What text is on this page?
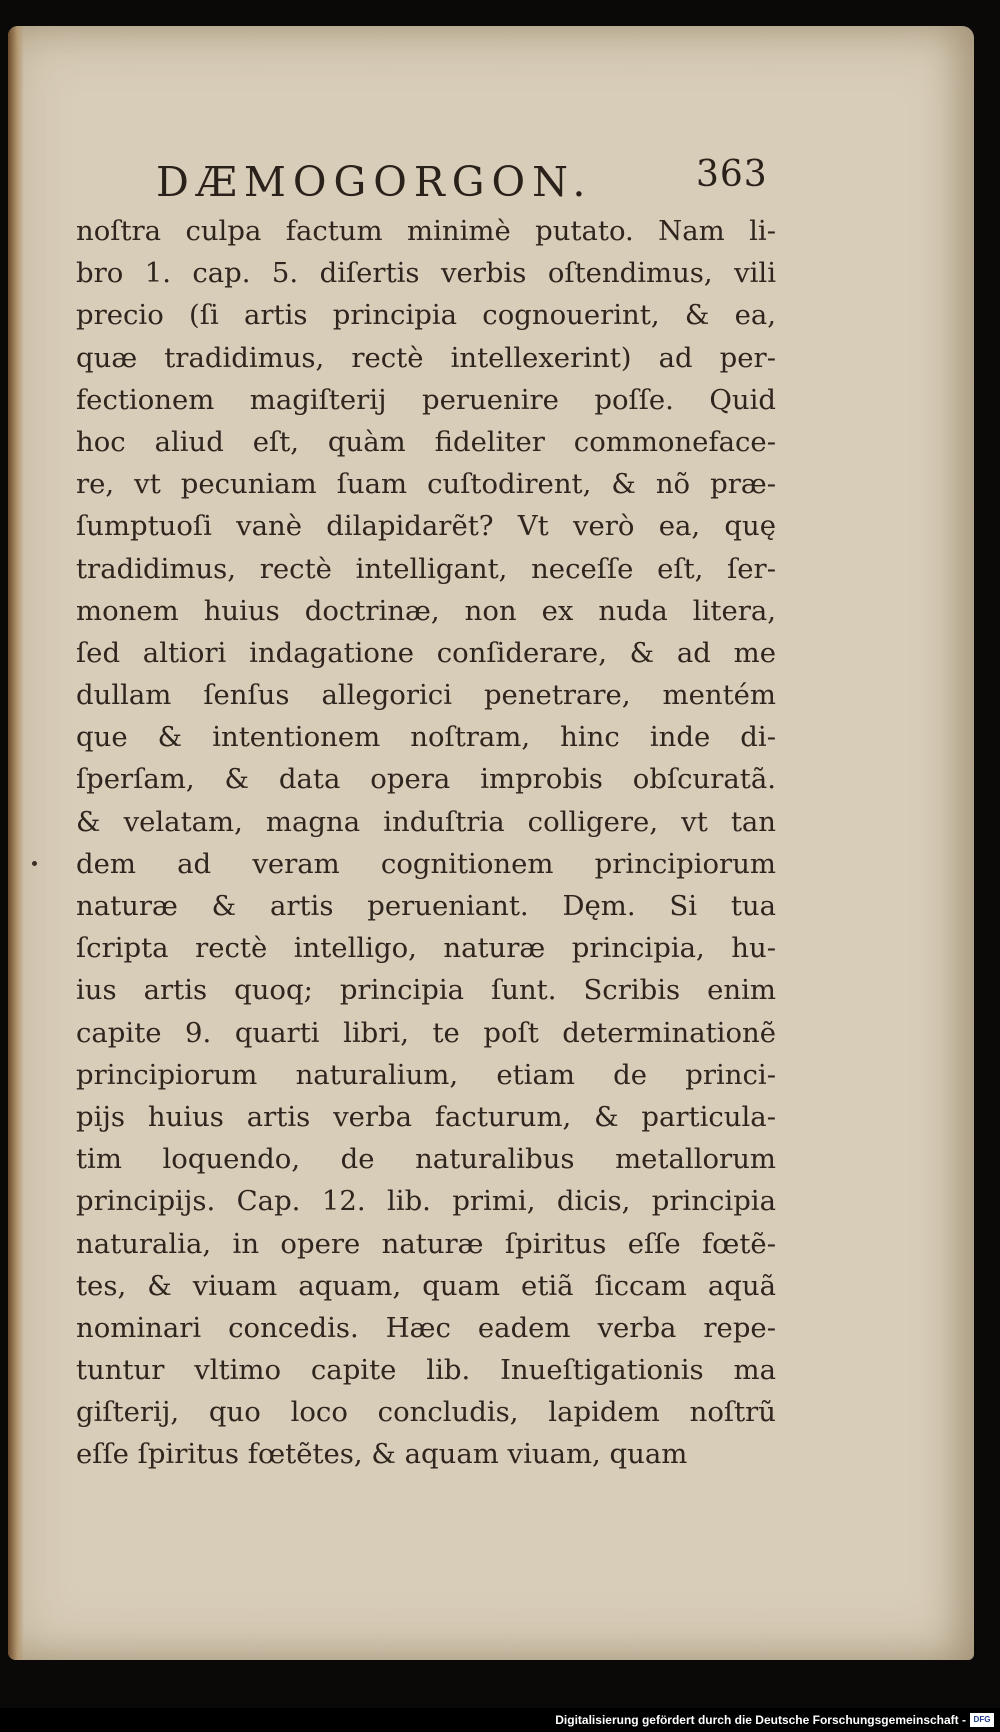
DÆMOGORGON.	363
noſtra culpa factum minimè putato. Nam li-
bro 1. cap. 5. diſertis verbis oſtendimus, vili
precio (ſi artis principia cognouerint, & ea,
quæ tradidimus, rectè intellexerint) ad per-
fectionem magiſterij peruenire poſſe. Quid
hoc aliud eſt, quàm fideliter commoneface-
re, vt pecuniam ſuam cuſtodirent, & nõ præ-
ſumptuoſi vanè dilapidarẽt? Vt verò ea, quę
tradidimus, rectè intelligant, neceſſe eſt, ſer-
monem huius doctrinæ, non ex nuda litera,
ſed altiori indagatione conſiderare, & ad me
dullam ſenſus allegorici penetrare, mentém
que & intentionem noſtram, hinc inde di-
ſperſam, & data opera improbis obſcuratã.
& velatam, magna induſtria colligere, vt tan
dem ad veram cognitionem principiorum
naturæ & artis perueniant. Dęm. Si tua
ſcripta rectè intelligo, naturæ principia, hu-
ius artis quoq; principia ſunt. Scribis enim
capite 9. quarti libri, te poſt determinationẽ
principiorum naturalium, etiam de princi-
pijs huius artis verba facturum, & particula-
tim loquendo, de naturalibus metallorum
principijs. Cap. 12. lib. primi, dicis, principia
naturalia, in opere naturæ ſpiritus eſſe fœtẽ-
tes, & viuam aquam, quam etiã ſiccam aquã
nominari concedis. Hæc eadem verba repe-
tuntur vltimo capite lib. Inueſtigationis ma
giſterij, quo loco concludis, lapidem noſtrũ
eſſe ſpiritus fœtẽtes, & aquam viuam, quam
Digitalisierung gefördert durch die Deutsche Forschungsgemeinschaft - DFG
